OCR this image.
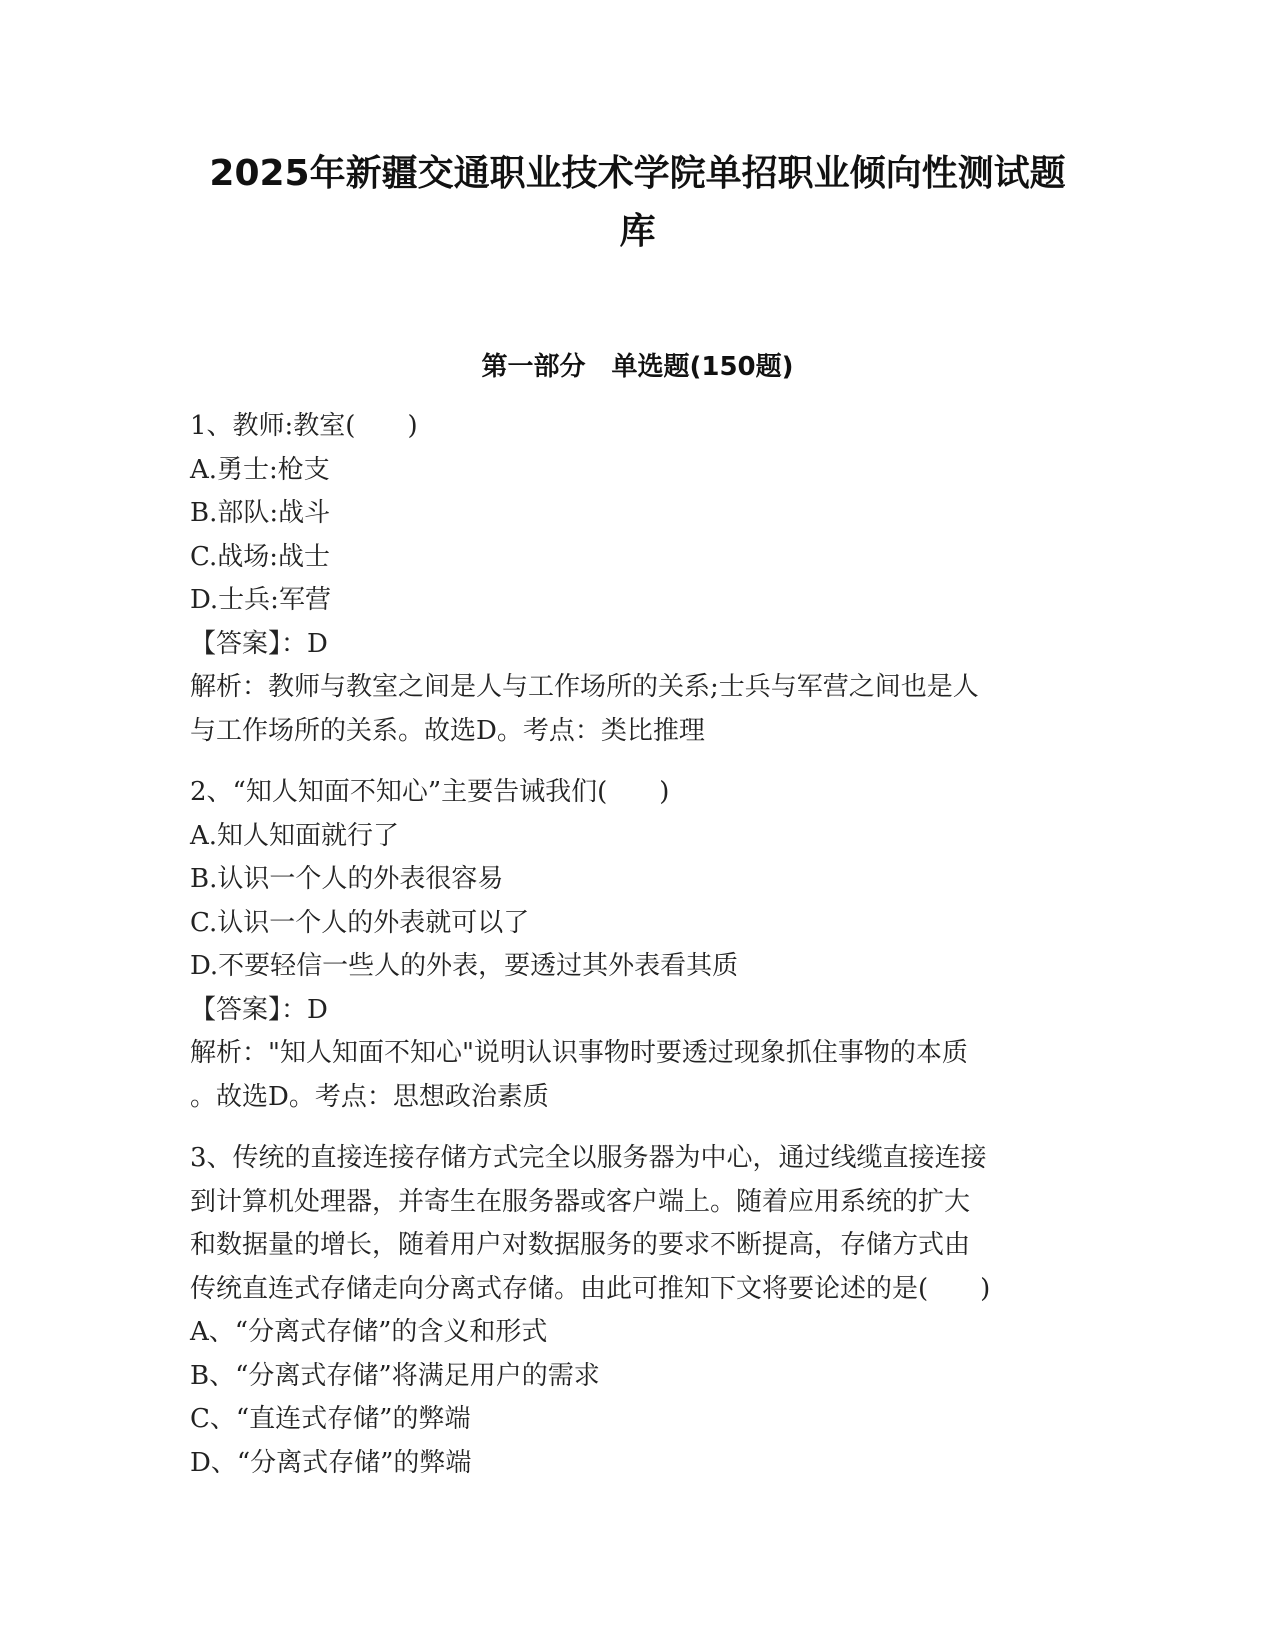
2025年新疆交通职业技术学院单招职业倾向性测试题
库
第一部分　单选题(150题)
1、教师:教室(　　)
A.勇士:枪支
B.部队:战斗
C.战场:战士
D.士兵:军营
【答案】：D
解析：教师与教室之间是人与工作场所的关系;士兵与军营之间也是人
与工作场所的关系。故选D。考点：类比推理
2、“知人知面不知心”主要告诫我们(　　)
A.知人知面就行了
B.认识一个人的外表很容易
C.认识一个人的外表就可以了
D.不要轻信一些人的外表，要透过其外表看其质
【答案】：D
解析："知人知面不知心"说明认识事物时要透过现象抓住事物的本质
。故选D。考点：思想政治素质
3、传统的直接连接存储方式完全以服务器为中心，通过线缆直接连接
到计算机处理器，并寄生在服务器或客户端上。随着应用系统的扩大
和数据量的增长，随着用户对数据服务的要求不断提高，存储方式由
传统直连式存储走向分离式存储。由此可推知下文将要论述的是(　　)
A、“分离式存储”的含义和形式
B、“分离式存储”将满足用户的需求
C、“直连式存储”的弊端
D、“分离式存储”的弊端
